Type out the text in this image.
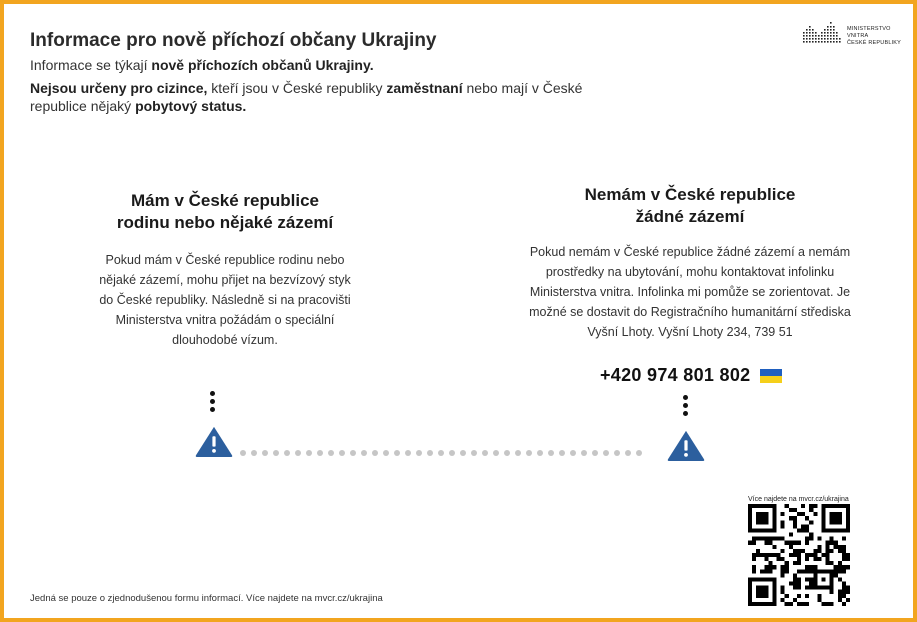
Informace pro nově příchozí občany Ukrajiny
Informace se týkají nově příchozích občanů Ukrajiny.
Nejsou určeny pro cizince, kteří jsou v České republiky zaměstnaní nebo mají v České republice nějaký pobytový status.
MINISTERSTVO VNITRA
ČESKÉ REPUBLIKY
Mám v České republice
rodinu nebo nějaké zázemí
Pokud mám v České republice rodinu nebo nějaké zázemí, mohu přijet na bezvízový styk do České republiky. Následně si na pracovišti Ministerstva vnitra požádám o speciální dlouhodobé vízum.
Nemám v České republice
žádné zázemí
Pokud nemám v České republice žádné zázemí a nemám prostředky na ubytování, mohu kontaktovat infolinku Ministerstva vnitra. Infolinka mi pomůže se zorientovat. Je možné se dostavit do Registračního humanitární střediska Vyšní Lhoty. Vyšní Lhoty 234, 739 51
+420 974 801 802
Více najdete na mvcr.cz/ukrajina
Jedná se pouze o zjednodušenou formu informací. Více najdete na mvcr.cz/ukrajina
